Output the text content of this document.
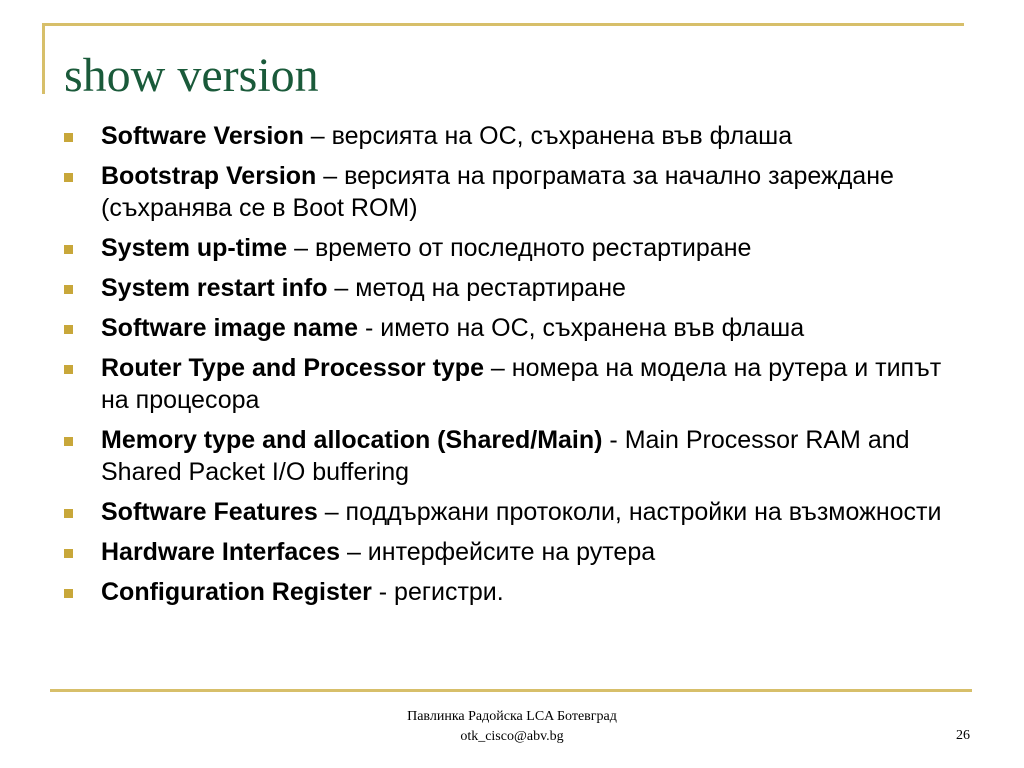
show version
Software Version – версията на ОС, съхранена във флаша
Bootstrap Version – версията на програмата за начално зареждане (съхранява се в Boot ROM)
System up-time – времето от последното рестартиране
System restart info – метод на рестартиране
Software image name - името на ОС, съхранена във флаша
Router Type and Processor type – номера на модела на рутера и типът на процесора
Memory type and allocation (Shared/Main) - Main Processor RAM and Shared Packet I/O buffering
Software Features – поддържани протоколи, настройки на възможности
Hardware Interfaces – интерфейсите на рутера
Configuration Register - регистри.
Павлинка Радойска LCA Ботевград
otk_cisco@abv.bg	26
